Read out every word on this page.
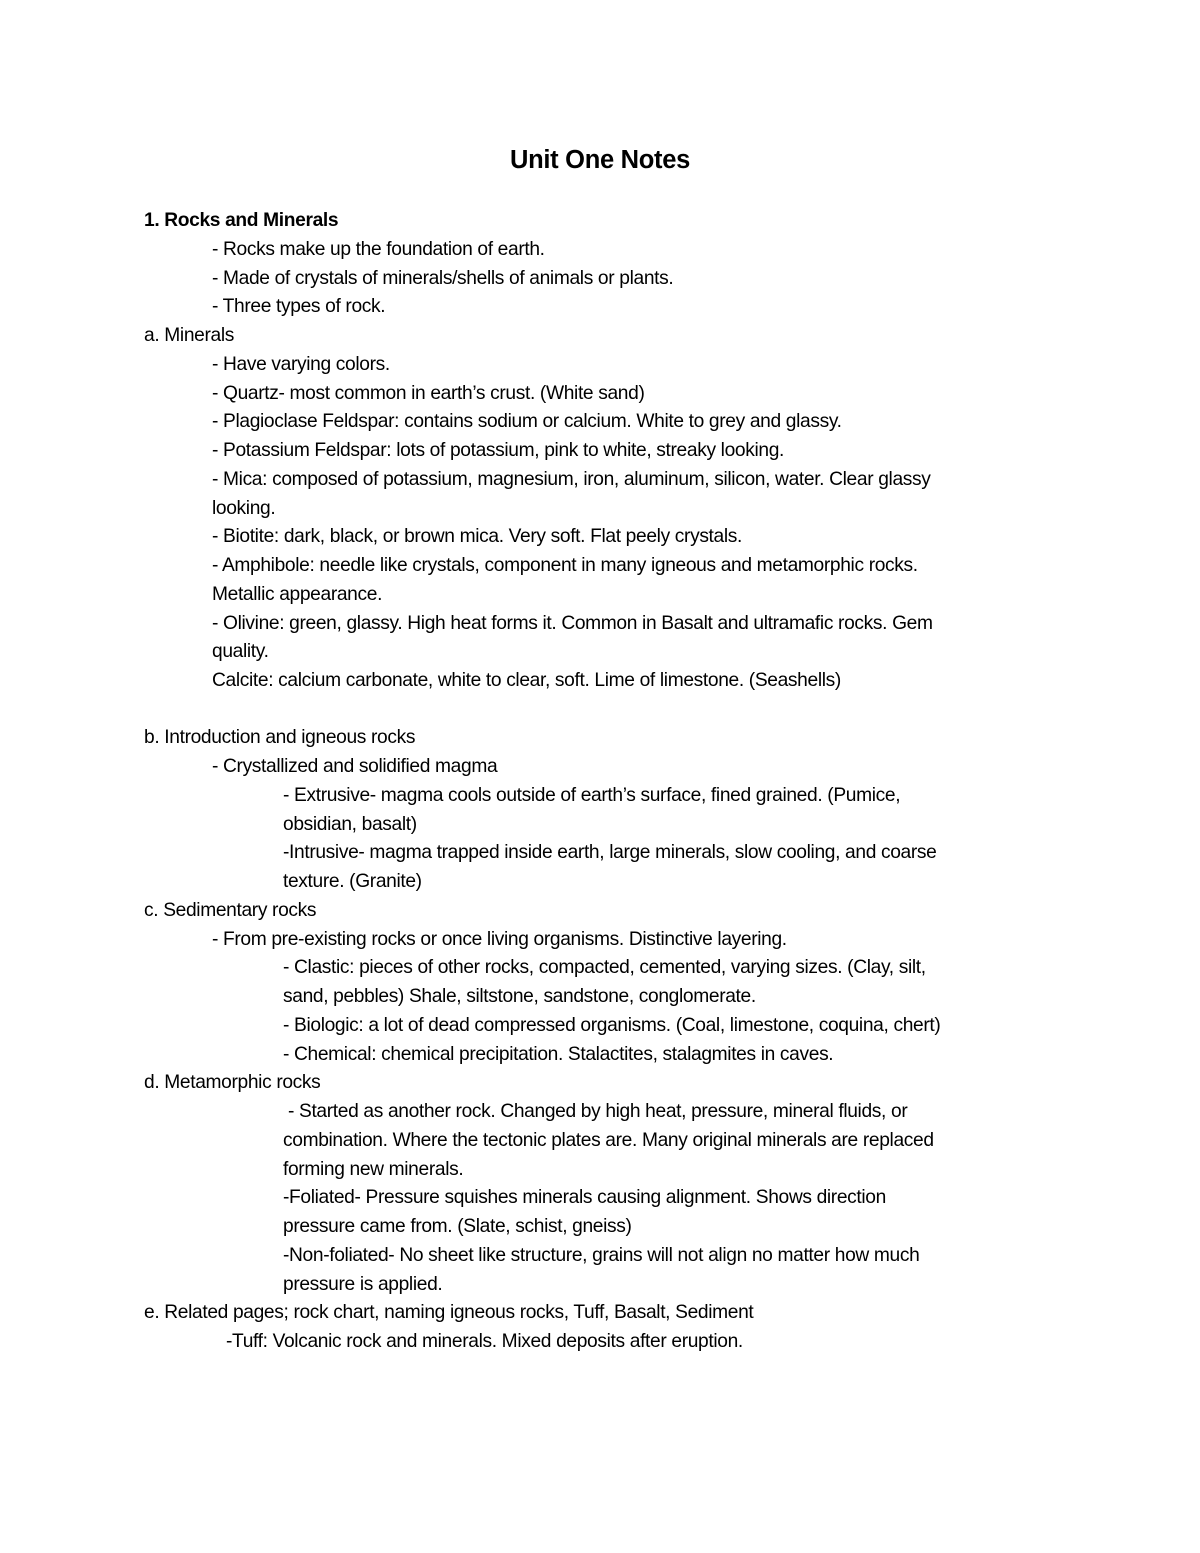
Unit One Notes

1. Rocks and Minerals

- Rocks make up the foundation of earth.

- Made of crystals of minerals/shells of animals or plants.

- Three types of rock.

a. Minerals

- Have varying colors.

- Quartz- most common in earth’s crust. (White sand)

- Plagioclase Feldspar: contains sodium or calcium. White to grey and glassy.

- Potassium Feldspar: lots of potassium, pink to white, streaky looking.

- Mica: composed of potassium, magnesium, iron, aluminum, silicon, water. Clear glassy

looking.

- Biotite: dark, black, or brown mica. Very soft. Flat peely crystals.

- Amphibole: needle like crystals, component in many igneous and metamorphic rocks.

Metallic appearance.

- Olivine: green, glassy. High heat forms it. Common in Basalt and ultramafic rocks. Gem

quality.

Calcite: calcium carbonate, white to clear, soft. Lime of limestone. (Seashells)

b. Introduction and igneous rocks

- Crystallized and solidified magma

- Extrusive- magma cools outside of earth’s surface, fined grained. (Pumice,

obsidian, basalt)

-Intrusive- magma trapped inside earth, large minerals, slow cooling, and coarse

texture. (Granite)

c. Sedimentary rocks

- From pre-existing rocks or once living organisms. Distinctive layering.

- Clastic: pieces of other rocks, compacted, cemented, varying sizes. (Clay, silt,

sand, pebbles) Shale, siltstone, sandstone, conglomerate.

- Biologic: a lot of dead compressed organisms. (Coal, limestone, coquina, chert)

- Chemical: chemical precipitation. Stalactites, stalagmites in caves.

d. Metamorphic rocks

- Started as another rock. Changed by high heat, pressure, mineral fluids, or

combination. Where the tectonic plates are. Many original minerals are replaced

forming new minerals.

-Foliated- Pressure squishes minerals causing alignment. Shows direction

pressure came from. (Slate, schist, gneiss)

-Non-foliated- No sheet like structure, grains will not align no matter how much

pressure is applied.

e. Related pages; rock chart, naming igneous rocks, Tuff, Basalt, Sediment

-Tuff: Volcanic rock and minerals. Mixed deposits after eruption.
